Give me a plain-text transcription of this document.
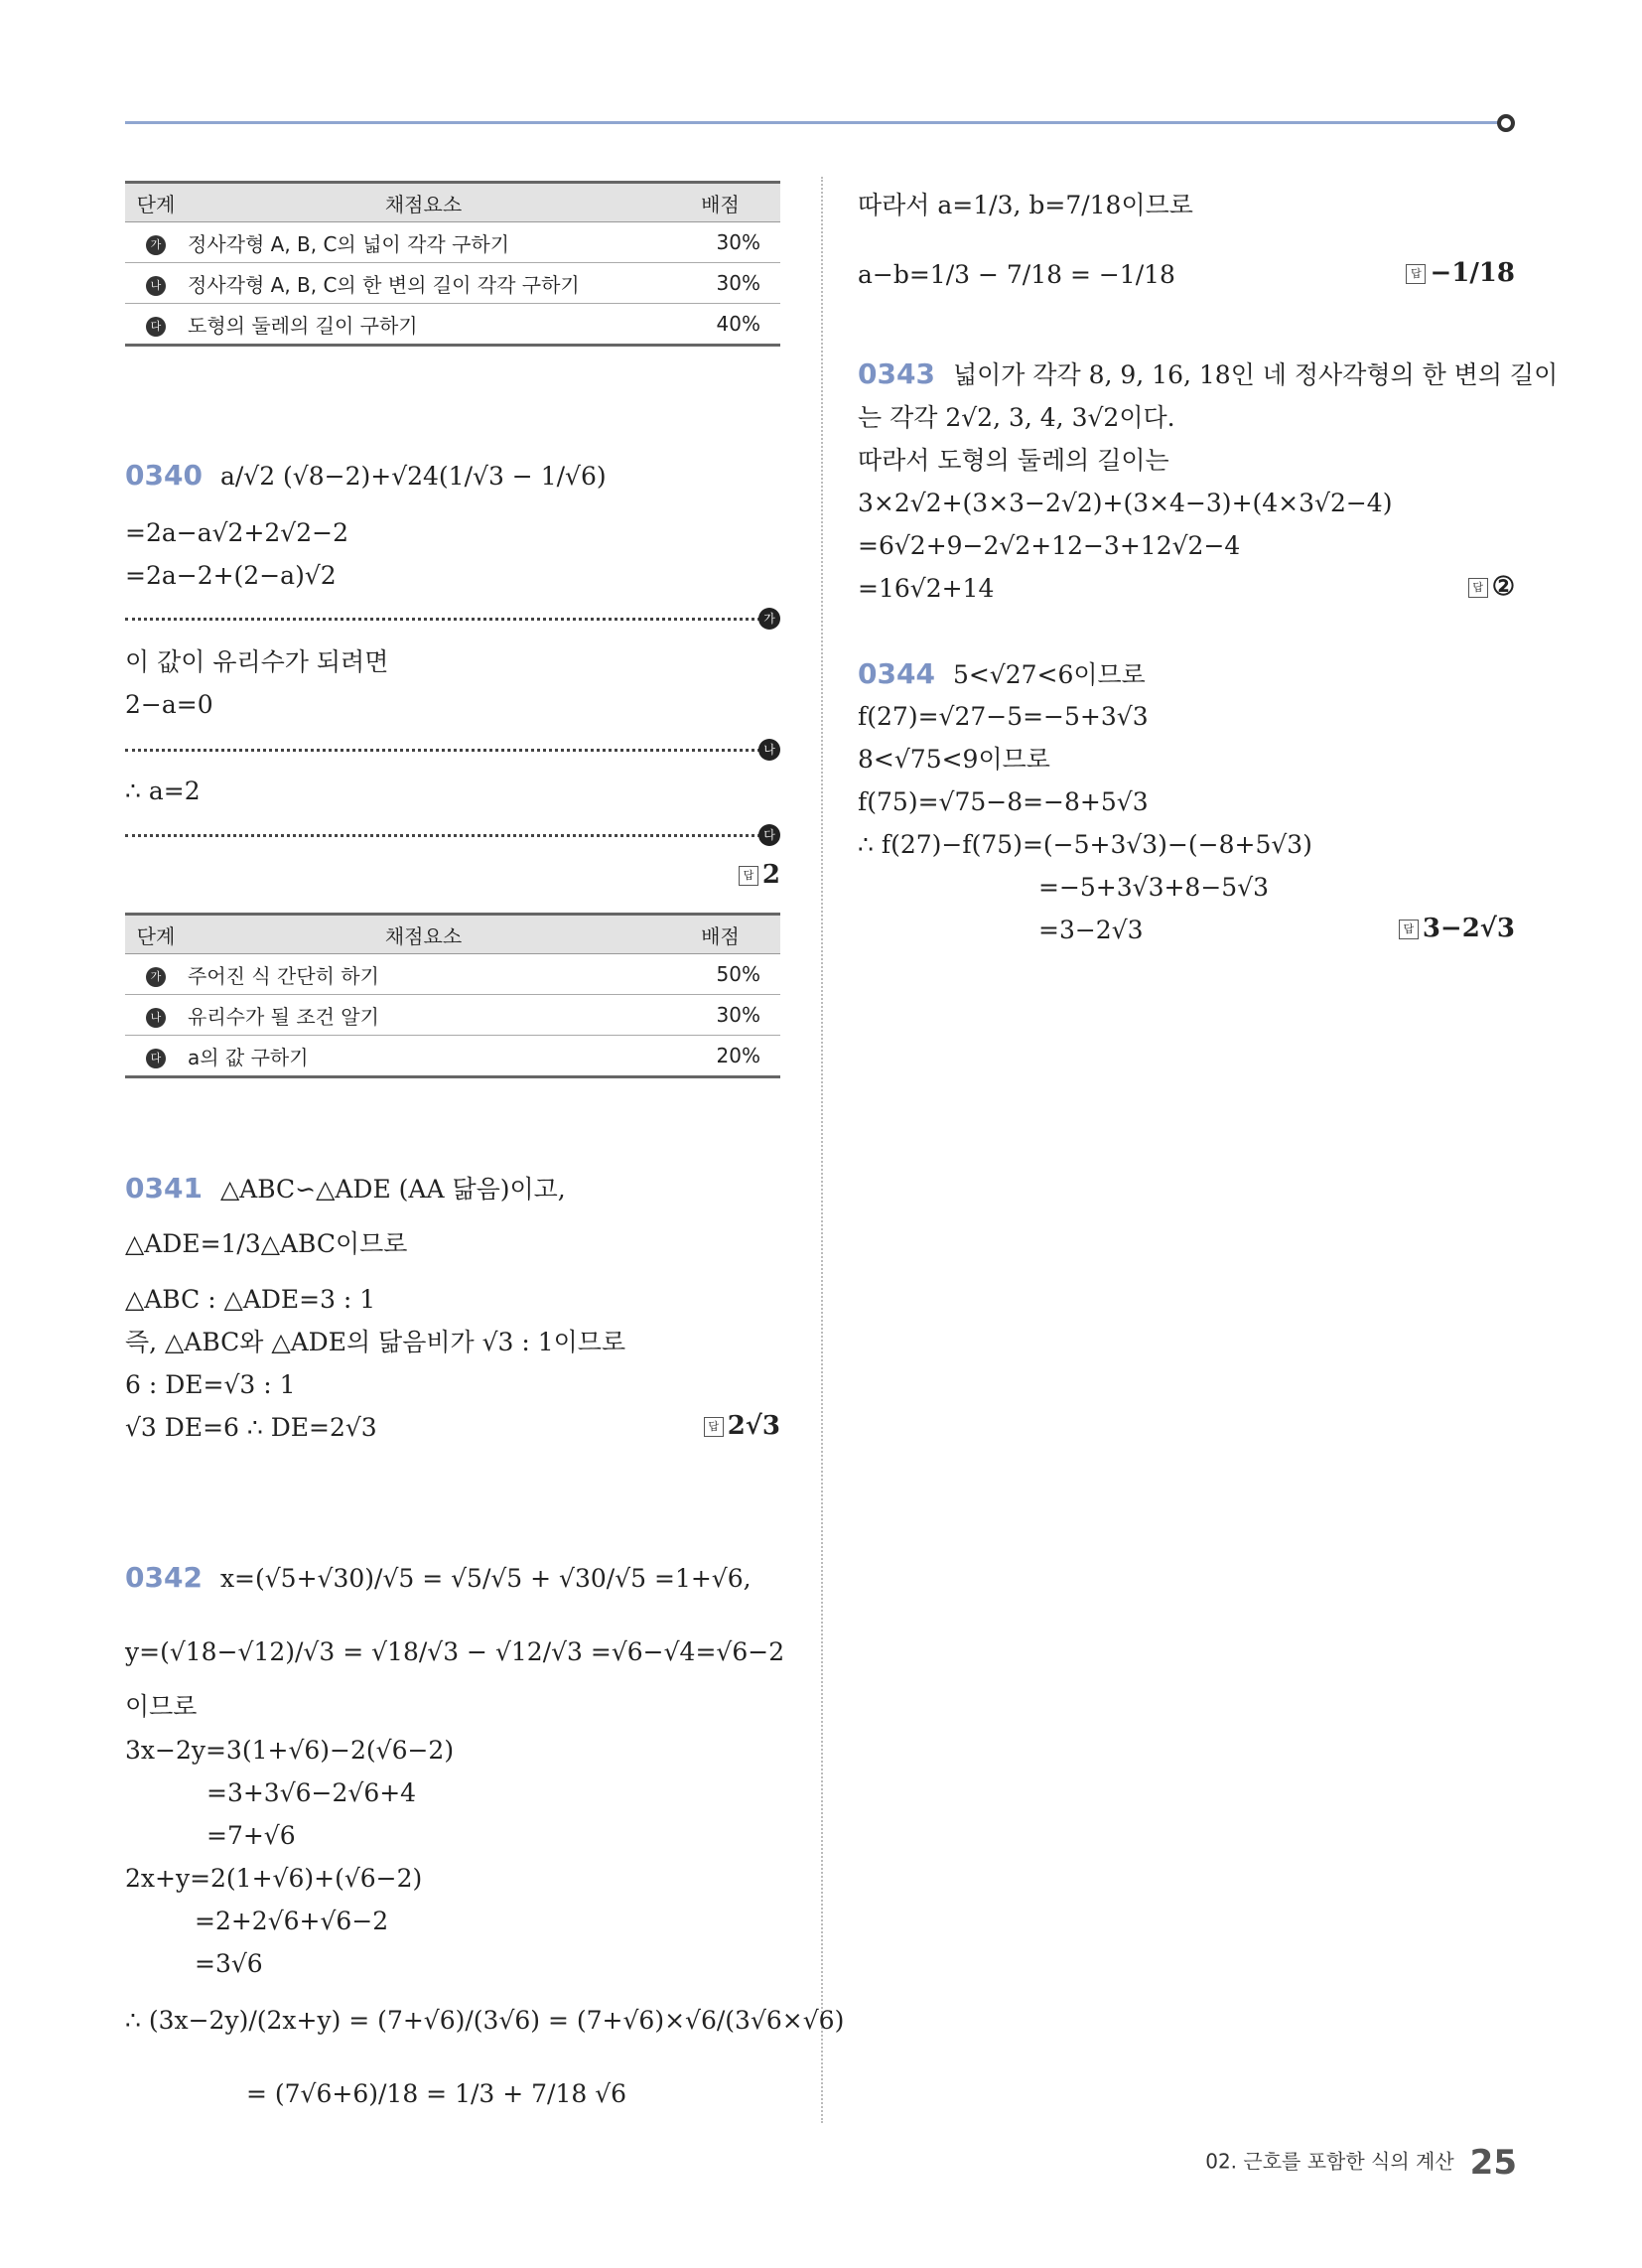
단계	채점요소	배점
가	정사각형 A, B, C의 넓이 각각 구하기	30%
나	정사각형 A, B, C의 한 변의 길이 각각 구하기	30%
다	도형의 둘레의 길이 구하기	40%
0340 a/√2 (√8−2)+√24(1/√3 − 1/√6)
=2a−a√2+2√2−2
=2a−2+(2−a)√2
가
이 값이 유리수가 되려면
2−a=0
나
∴ a=2
다
답 2
단계	채점요소	배점
가	주어진 식 간단히 하기	50%
나	유리수가 될 조건 알기	30%
다	a의 값 구하기	20%
0341 △ABC∽△ADE (AA 닮음)이고,
△ADE=1/3△ABC이므로
△ABC : △ADE=3 : 1
즉, △ABC와 △ADE의 닮음비가 √3 : 1이므로
6 : DE=√3 : 1
√3 DE=6 ∴ DE=2√3	답 2√3
0342 x=(√5+√30)/√5 = √5/√5 + √30/√5 =1+√6,
y=(√18−√12)/√3 = √18/√3 − √12/√3 =√6−√4=√6−2
이므로
3x−2y=3(1+√6)−2(√6−2)
=3+3√6−2√6+4
=7+√6
2x+y=2(1+√6)+(√6−2)
=2+2√6+√6−2
=3√6
∴ (3x−2y)/(2x+y) = (7+√6)/(3√6) = (7+√6)×√6/(3√6×√6)
= (7√6+6)/18 = 1/3 + 7/18 √6
따라서 a=1/3, b=7/18이므로
a−b=1/3 − 7/18 = −1/18	답 −1/18
0343 넓이가 각각 8, 9, 16, 18인 네 정사각형의 한 변의 길이
는 각각 2√2, 3, 4, 3√2이다.
따라서 도형의 둘레의 길이는
3×2√2+(3×3−2√2)+(3×4−3)+(4×3√2−4)
=6√2+9−2√2+12−3+12√2−4
=16√2+14	답 ②
0344 5<√27<6이므로
f(27)=√27−5=−5+3√3
8<√75<9이므로
f(75)=√75−8=−8+5√3
∴ f(27)−f(75)=(−5+3√3)−(−8+5√3)
=−5+3√3+8−5√3
=3−2√3	답 3−2√3
02. 근호를 포함한 식의 계산 25
